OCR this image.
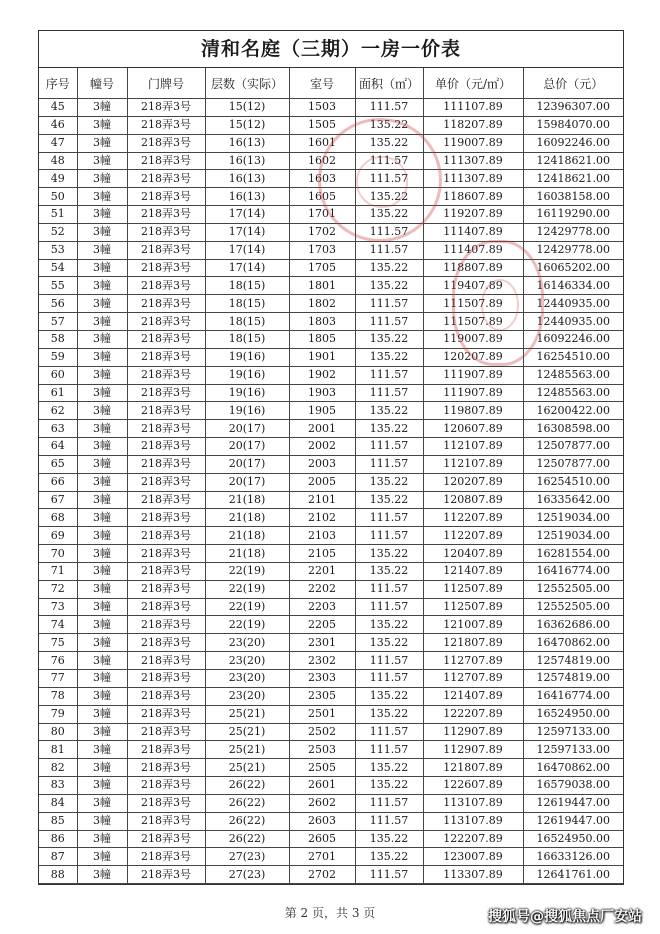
清和名庭（三期）一房一价表
序号	幢号	门牌号	层数（实际）	室号	面积（㎡）	单价（元/㎡）	总价（元）
45	3幢	218弄3号	15(12)	1503	111.57	111107.89	12396307.00
46	3幢	218弄3号	15(12)	1505	135.22	118207.89	15984070.00
47	3幢	218弄3号	16(13)	1601	135.22	119007.89	16092246.00
48	3幢	218弄3号	16(13)	1602	111.57	111307.89	12418621.00
49	3幢	218弄3号	16(13)	1603	111.57	111307.89	12418621.00
50	3幢	218弄3号	16(13)	1605	135.22	118607.89	16038158.00
51	3幢	218弄3号	17(14)	1701	135.22	119207.89	16119290.00
52	3幢	218弄3号	17(14)	1702	111.57	111407.89	12429778.00
53	3幢	218弄3号	17(14)	1703	111.57	111407.89	12429778.00
54	3幢	218弄3号	17(14)	1705	135.22	118807.89	16065202.00
55	3幢	218弄3号	18(15)	1801	135.22	119407.89	16146334.00
56	3幢	218弄3号	18(15)	1802	111.57	111507.89	12440935.00
57	3幢	218弄3号	18(15)	1803	111.57	111507.89	12440935.00
58	3幢	218弄3号	18(15)	1805	135.22	119007.89	16092246.00
59	3幢	218弄3号	19(16)	1901	135.22	120207.89	16254510.00
60	3幢	218弄3号	19(16)	1902	111.57	111907.89	12485563.00
61	3幢	218弄3号	19(16)	1903	111.57	111907.89	12485563.00
62	3幢	218弄3号	19(16)	1905	135.22	119807.89	16200422.00
63	3幢	218弄3号	20(17)	2001	135.22	120607.89	16308598.00
64	3幢	218弄3号	20(17)	2002	111.57	112107.89	12507877.00
65	3幢	218弄3号	20(17)	2003	111.57	112107.89	12507877.00
66	3幢	218弄3号	20(17)	2005	135.22	120207.89	16254510.00
67	3幢	218弄3号	21(18)	2101	135.22	120807.89	16335642.00
68	3幢	218弄3号	21(18)	2102	111.57	112207.89	12519034.00
69	3幢	218弄3号	21(18)	2103	111.57	112207.89	12519034.00
70	3幢	218弄3号	21(18)	2105	135.22	120407.89	16281554.00
71	3幢	218弄3号	22(19)	2201	135.22	121407.89	16416774.00
72	3幢	218弄3号	22(19)	2202	111.57	112507.89	12552505.00
73	3幢	218弄3号	22(19)	2203	111.57	112507.89	12552505.00
74	3幢	218弄3号	22(19)	2205	135.22	121007.89	16362686.00
75	3幢	218弄3号	23(20)	2301	135.22	121807.89	16470862.00
76	3幢	218弄3号	23(20)	2302	111.57	112707.89	12574819.00
77	3幢	218弄3号	23(20)	2303	111.57	112707.89	12574819.00
78	3幢	218弄3号	23(20)	2305	135.22	121407.89	16416774.00
79	3幢	218弄3号	25(21)	2501	135.22	122207.89	16524950.00
80	3幢	218弄3号	25(21)	2502	111.57	112907.89	12597133.00
81	3幢	218弄3号	25(21)	2503	111.57	112907.89	12597133.00
82	3幢	218弄3号	25(21)	2505	135.22	121807.89	16470862.00
83	3幢	218弄3号	26(22)	2601	135.22	122607.89	16579038.00
84	3幢	218弄3号	26(22)	2602	111.57	113107.89	12619447.00
85	3幢	218弄3号	26(22)	2603	111.57	113107.89	12619447.00
86	3幢	218弄3号	26(22)	2605	135.22	122207.89	16524950.00
87	3幢	218弄3号	27(23)	2701	135.22	123007.89	16633126.00
88	3幢	218弄3号	27(23)	2702	111.57	113307.89	12641761.00
第 2 页，共 3 页	搜狐号@搜狐焦点厂安站
